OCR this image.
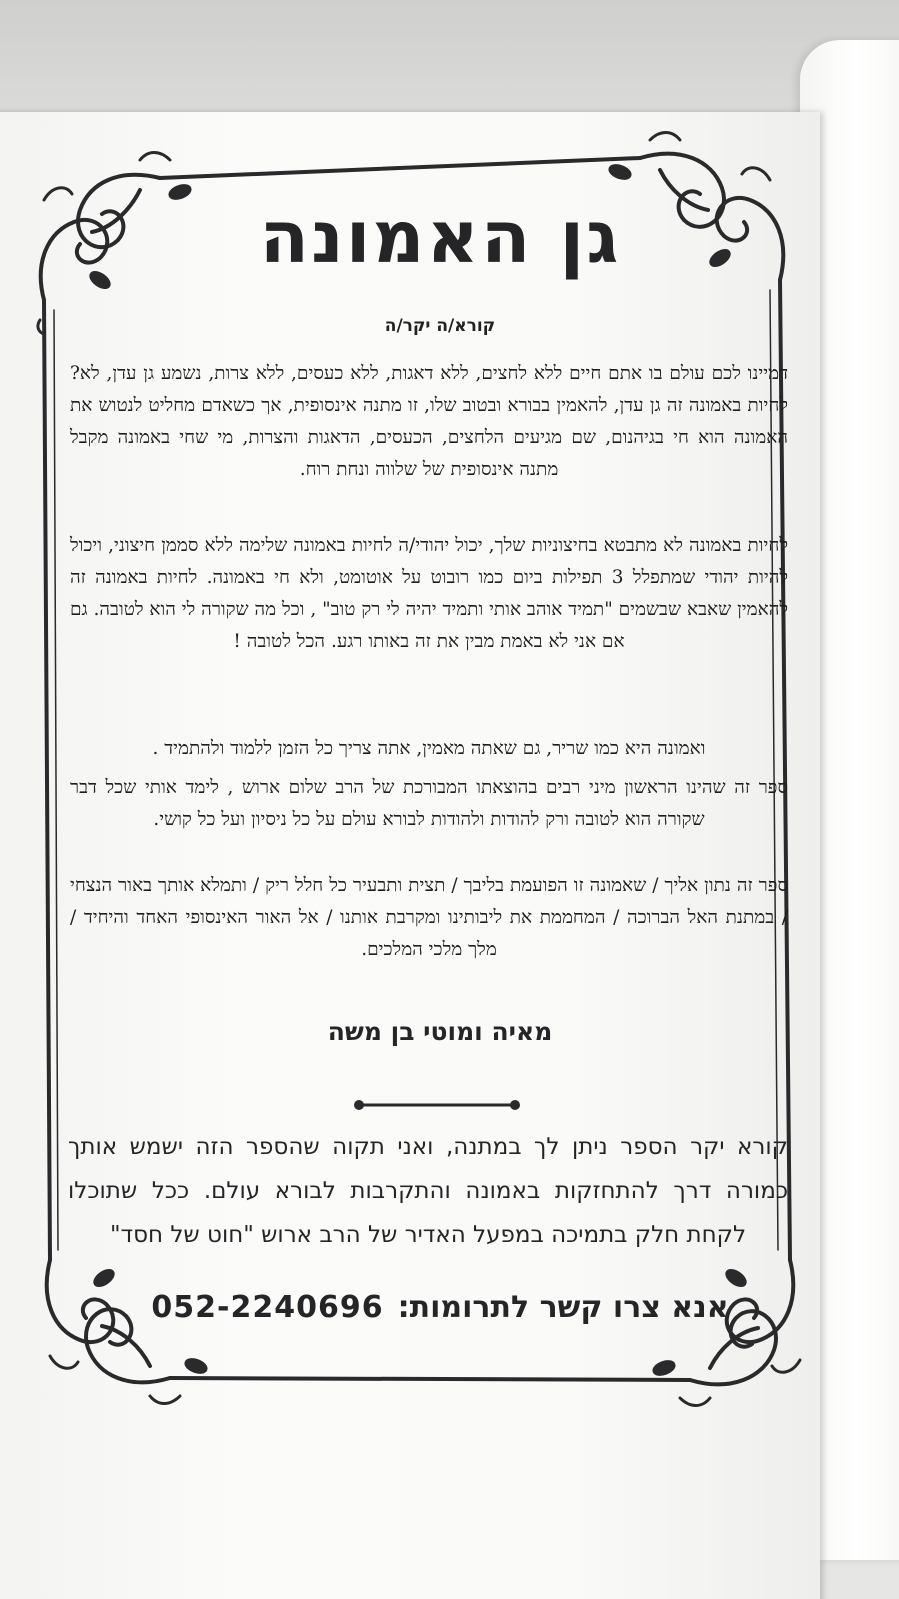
גן האמונה
קורא/ה יקר/ה
דמיינו לכם עולם בו אתם חיים ללא לחצים, ללא דאגות, ללא כעסים, ללא צרות, נשמע גן עדן, לא? לחיות באמונה זה גן עדן, להאמין בבורא ובטוב שלו, זו מתנה אינסופית, אך כשאדם מחליט לנטוש את האמונה הוא חי בגיהנום, שם מגיעים הלחצים, הכעסים, הדאגות והצרות, מי שחי באמונה מקבל מתנה אינסופית של שלווה ונחת רוח.
לחיות באמונה לא מתבטא בחיצוניות שלך, יכול יהודי/ה לחיות באמונה שלימה ללא סממן חיצוני, ויכול להיות יהודי שמתפלל 3 תפילות ביום כמו רובוט על אוטומט, ולא חי באמונה. לחיות באמונה זה להאמין שאבא שבשמים "תמיד אוהב אותי ותמיד יהיה לי רק טוב" , וכל מה שקורה לי הוא לטובה. גם אם אני לא באמת מבין את זה באותו רגע. הכל לטובה !
ואמונה היא כמו שריר, גם שאתה מאמין, אתה צריך כל הזמן ללמוד ולהתמיד .
ספר זה שהינו הראשון מיני רבים בהוצאתו המבורכת של הרב שלום ארוש , לימד אותי שכל דבר שקורה הוא לטובה ורק להודות ולהודות לבורא עולם על כל ניסיון ועל כל קושי.
ספר זה נתון אליך / שאמונה זו הפועמת בליבך / תצית ותבעיר כל חלל ריק / ותמלא אותך באור הנצחי / במתנת האל הברוכה / המחממת את ליבותינו ומקרבת אותנו / אל האור האינסופי האחד והיחיד / מלך מלכי המלכים.
מאיה ומוטי בן משה
קורא יקר הספר ניתן לך במתנה, ואני תקוה שהספר הזה ישמש אותך כמורה דרך להתחזקות באמונה והתקרבות לבורא עולם. ככל שתוכלו לקחת חלק בתמיכה במפעל האדיר של הרב ארוש "חוט של חסד"
אנא צרו קשר לתרומות:052-2240696
